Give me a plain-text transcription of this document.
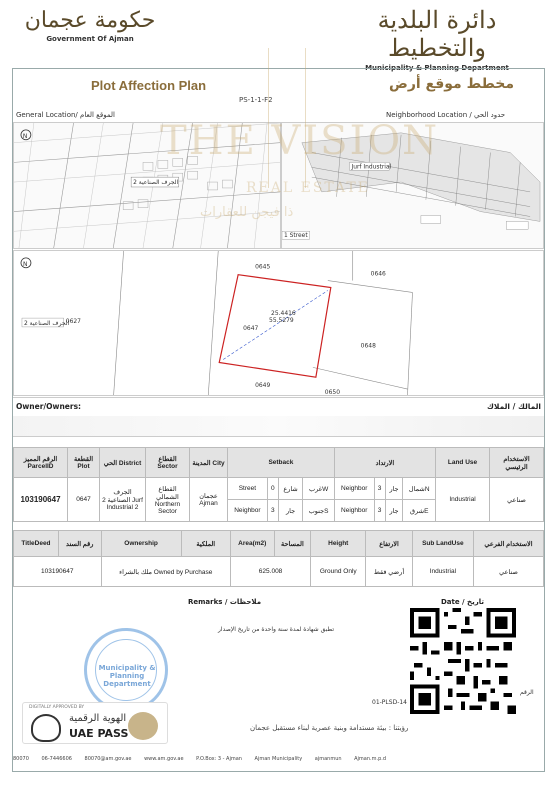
حكومة عجمان
Government Of Ajman
دائرة البلدية والتخطيط
Municipality & Planning Department
Plot Affection Plan
PS-1-1-F2
مخطط موقع أرض
General Location/ الموقع العام	Neighborhood Location / حدود الحي
2 الجرف الصناعية
N
1 Street
Jurf Industrial
0645
0646
0647
0648
0649
0650
0627
25.4416
55.5279
2 الجرف الصناعية
N
Owner/Owners:	المالك / الملاك
الرقم المميز ParcelID	القطعة Plot	الحي District	القطاع Sector	المدينة City	Setback				الارتداد				Land Use	الاستخدام الرئيسي
103190647	0647	الجرف الصناعية 2 Jurf Industrial 2	القطاع الشمالي Northern Sector	عجمان Ajman	Street	0	شارع	غربW	Neighbor	3	جار	شمالN	Industrial	صناعي
					Neighbor	3	جار	جنوبS	Neighbor	3	جار	شرقE		
TitleDeed	رقم السند	Ownership	الملكية	Area(m2)	المساحة	Height	الارتفاع	Sub LandUse	الاستخدام الفرعي
103190647		ملك بالشراء Owned by Purchase		625.008		Ground Only	أرضي فقط	Industrial	صناعي
Remarks / ملاحظات	Date / تاريخ
تطبق شهادة لمدة سنة واحدة من تاريخ الإصدار
Municipality & Planning Department
01-PLSD-14
الرقم
DIGITALLY APPROVED BY
الهوية الرقمية
UAE PASS	رؤيتنا : بيئة مستدامة وبنية عصرية لبناء مستقبل عجمان
80070	06-7446606	80070@am.gov.ae	www.am.gov.ae	P.O.Box: 3 - Ajman	Ajman Municipality	ajmanmun	Ajman.m.p.d
THE VISION
REAL ESTATE
ذا فيجن للعقارات
